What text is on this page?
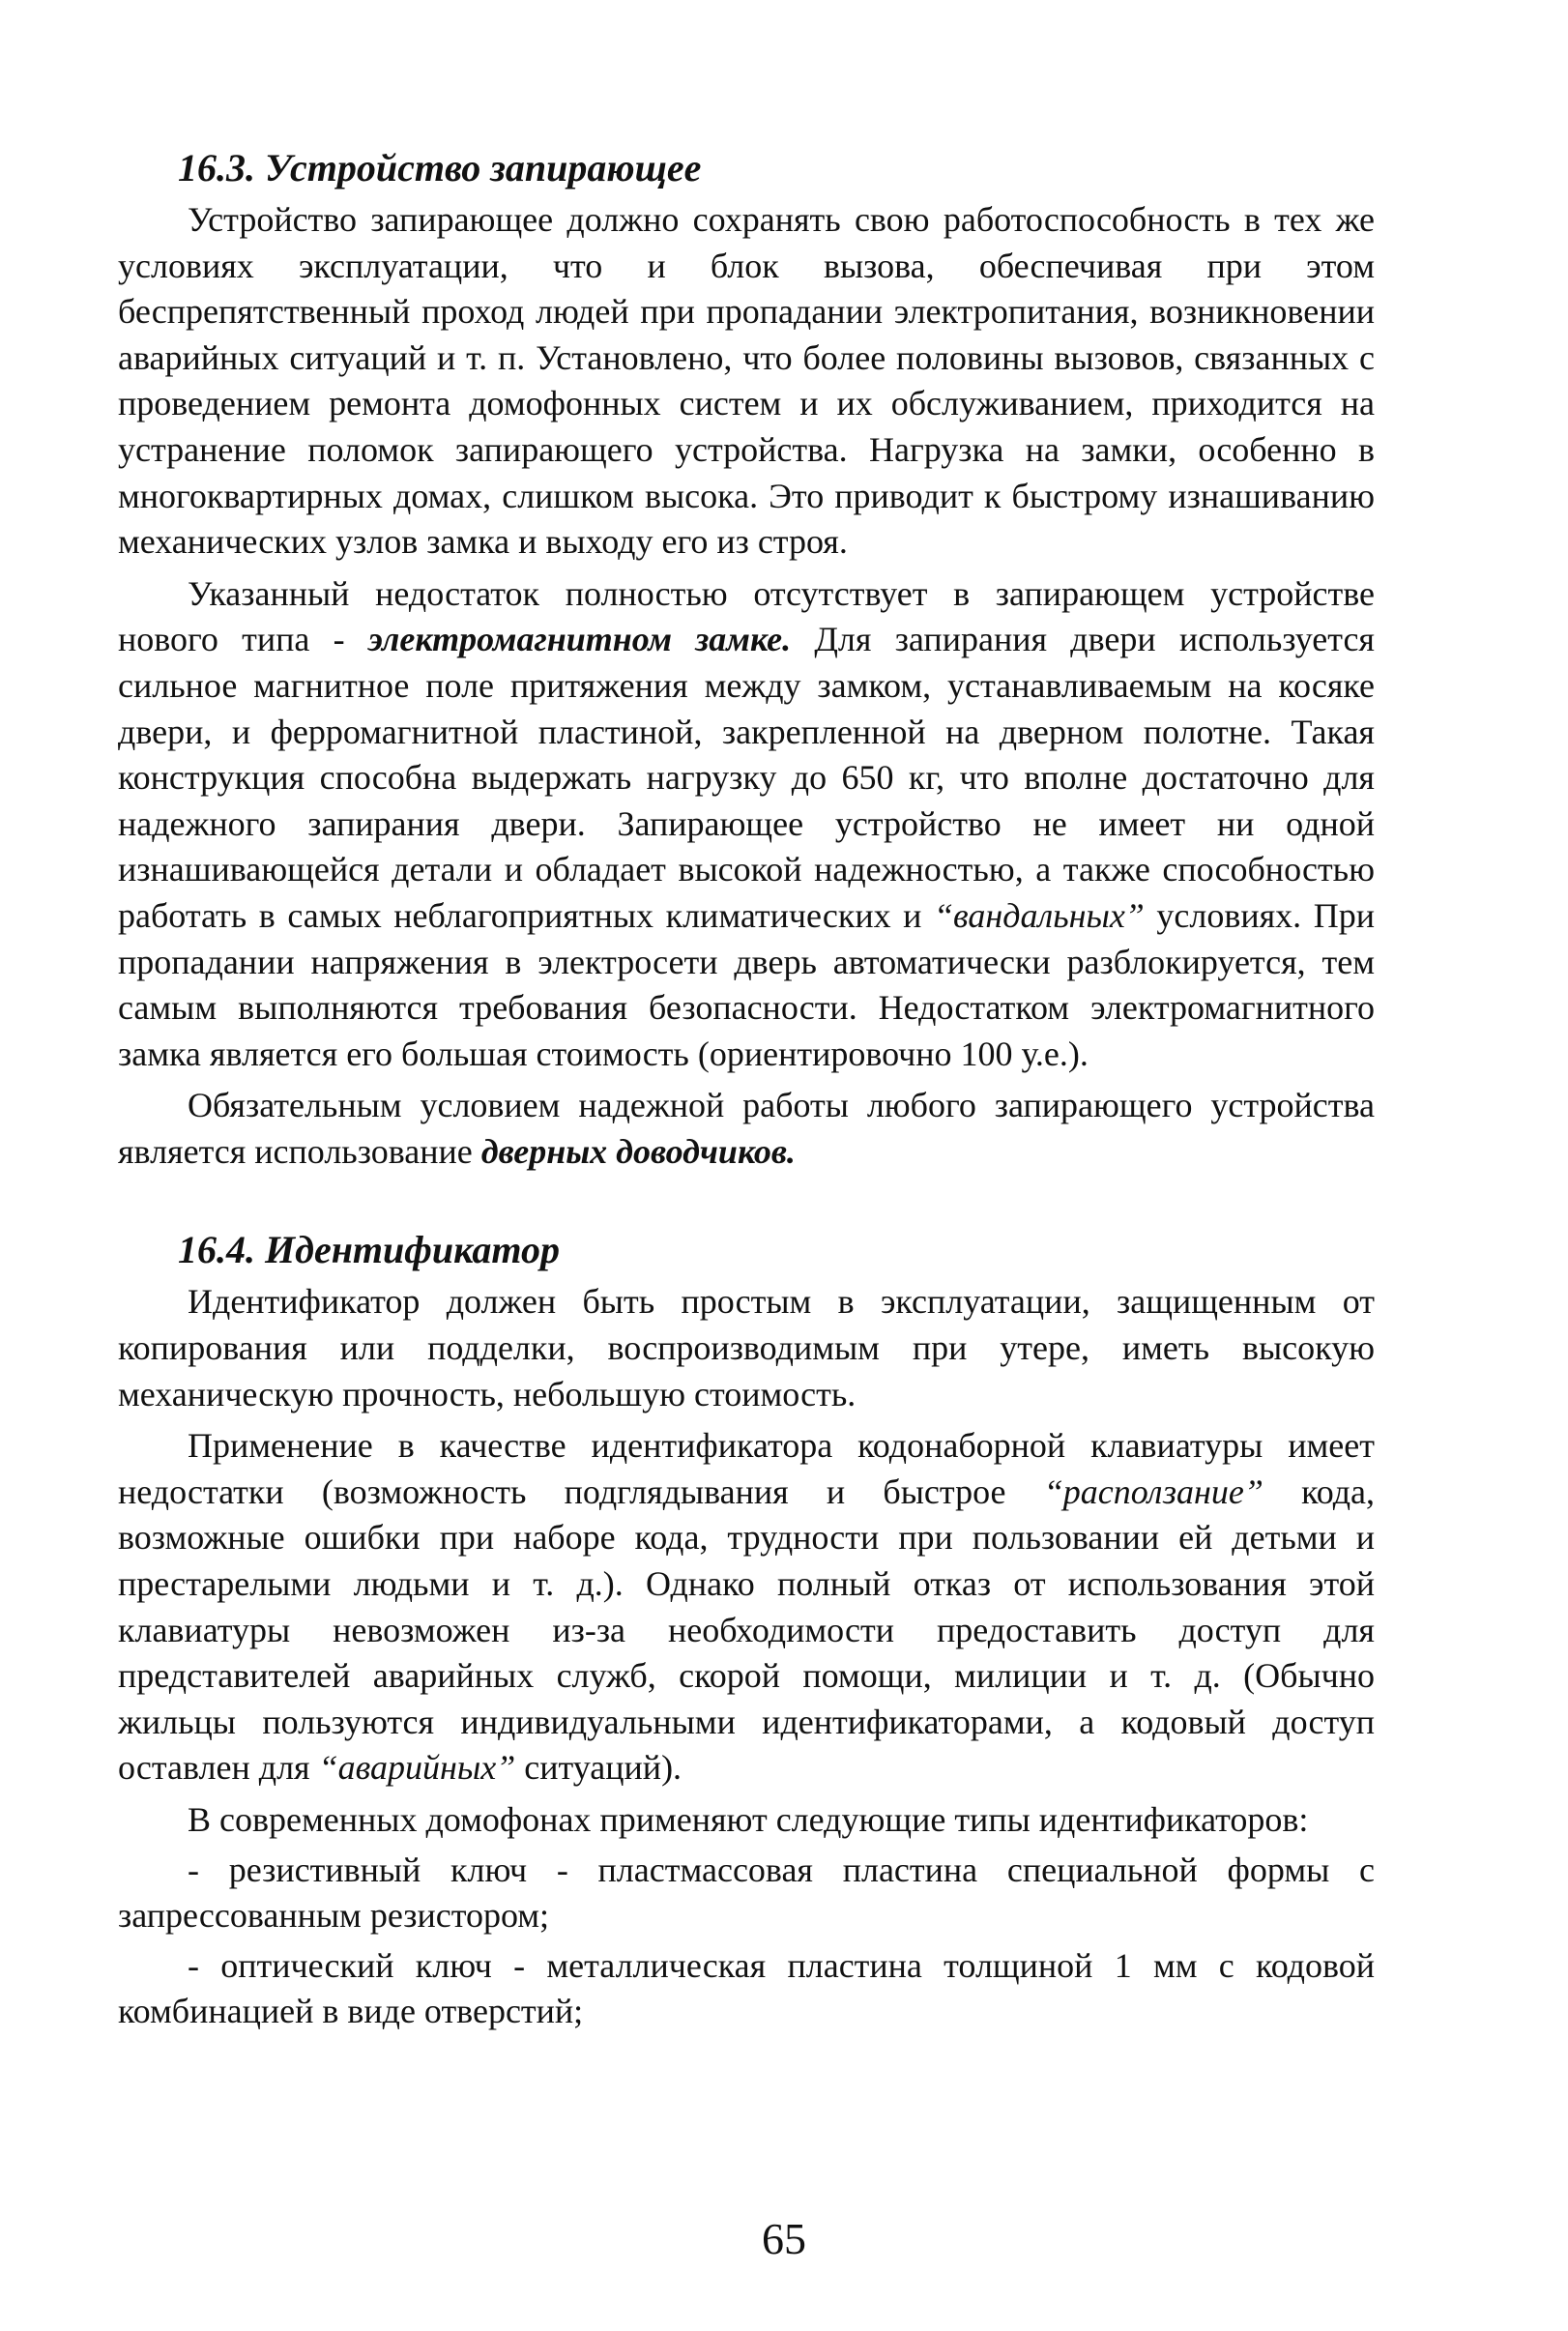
16.3. Устройство запирающее

Устройство запирающее должно сохранять свою работоспособность в тех же условиях эксплуатации, что и блок вызова, обеспечивая при этом беспрепятственный проход людей при пропадании электропитания, возникновении аварийных ситуаций и т. п. Установлено, что более половины вызовов, связанных с проведением ремонта домофонных систем и их обслуживанием, приходится на устранение поломок запирающего устройства. Нагрузка на замки, особенно в многоквартирных домах, слишком высока. Это приводит к быстрому изнашиванию механических узлов замка и выходу его из строя.

Указанный недостаток полностью отсутствует в запирающем устройстве нового типа - электромагнитном замке. Для запирания двери используется сильное магнитное поле притяжения между замком, устанавливаемым на косяке двери, и ферромагнитной пластиной, закрепленной на дверном полотне. Такая конструкция способна выдержать нагрузку до 650 кг, что вполне достаточно для надежного запирания двери. Запирающее устройство не имеет ни одной изнашивающейся детали и обладает высокой надежностью, а также способностью работать в самых неблагоприятных климатических и “вандальных” условиях. При пропадании напряжения в электросети дверь автоматически разблокируется, тем самым выполняются требования безопасности. Недостатком электромагнитного замка является его большая стоимость (ориентировочно 100 у.е.).

Обязательным условием надежной работы любого запирающего устройства является использование дверных доводчиков.

16.4. Идентификатор

Идентификатор должен быть простым в эксплуатации, защищенным от копирования или подделки, воспроизводимым при утере, иметь высокую механическую прочность, небольшую стоимость.

Применение в качестве идентификатора кодонаборной клавиатуры имеет недостатки (возможность подглядывания и быстрое “расползание” кода, возможные ошибки при наборе кода, трудности при пользовании ей детьми и престарелыми людьми и т. д.). Однако полный отказ от использования этой клавиатуры невозможен из-за необходимости предоставить доступ для представителей аварийных служб, скорой помощи, милиции и т. д. (Обычно жильцы пользуются индивидуальными идентификаторами, а кодовый доступ оставлен для “аварийных” ситуаций).

В современных домофонах применяют следующие типы идентификаторов:

- резистивный ключ - пластмассовая пластина специальной формы с запрессованным резистором;

- оптический ключ - металлическая пластина толщиной 1 мм с кодовой комбинацией в виде отверстий;

65
